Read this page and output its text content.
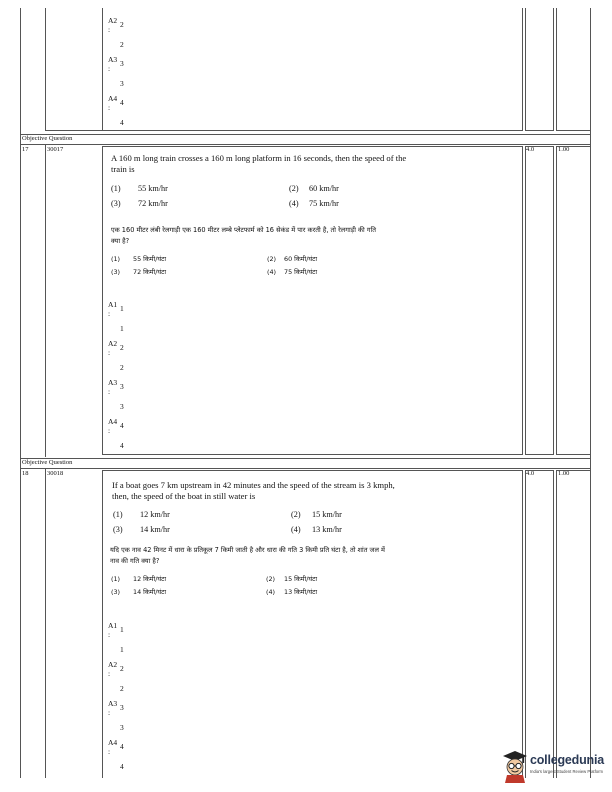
A2 2
:
2
A3 3
:
3
A4 4
:
4
Objective Question
17	30017	4.0	1.00
A 160 m long train crosses a 160 m long platform in 16 seconds, then the speed of the
train is
(1) 55 km/hr	(2) 60 km/hr
(3) 72 km/hr	(4) 75 km/hr
एक 160 मीटर लंबी रेलगाड़ी एक 160 मीटर लम्बे प्लेटफार्म को 16 सेकंड में पार करती है, तो रेलगाड़ी की गति
क्या है?
(1) 55 किमी/घंटा	(2) 60 किमी/घंटा
(3) 72 किमी/घंटा	(4) 75 किमी/घंटा
A1 1
:
1
A2 2
:
2
A3 3
:
3
A4 4
:
4
Objective Question
18	30018	4.0	1.00
If a boat goes 7 km upstream in 42 minutes and the speed of the stream is 3 kmph,
then, the speed of the boat in still water is
(1) 12 km/hr	(2) 15 km/hr
(3) 14 km/hr	(4) 13 km/hr
यदि एक नाव 42 मिनट में धारा के प्रतिकूल 7 किमी जाती है और धारा की गति 3 किमी प्रति घंटा है, तो शांत जल में
नाव की गति क्या है?
(1) 12 किमी/घंटा	(2) 15 किमी/घंटा
(3) 14 किमी/घंटा	(4) 13 किमी/घंटा
A1 1
:
1
A2 2
:
2
A3 3
:
3
A4 4
:
4	collegedunia
India's largest Student Review Platform
